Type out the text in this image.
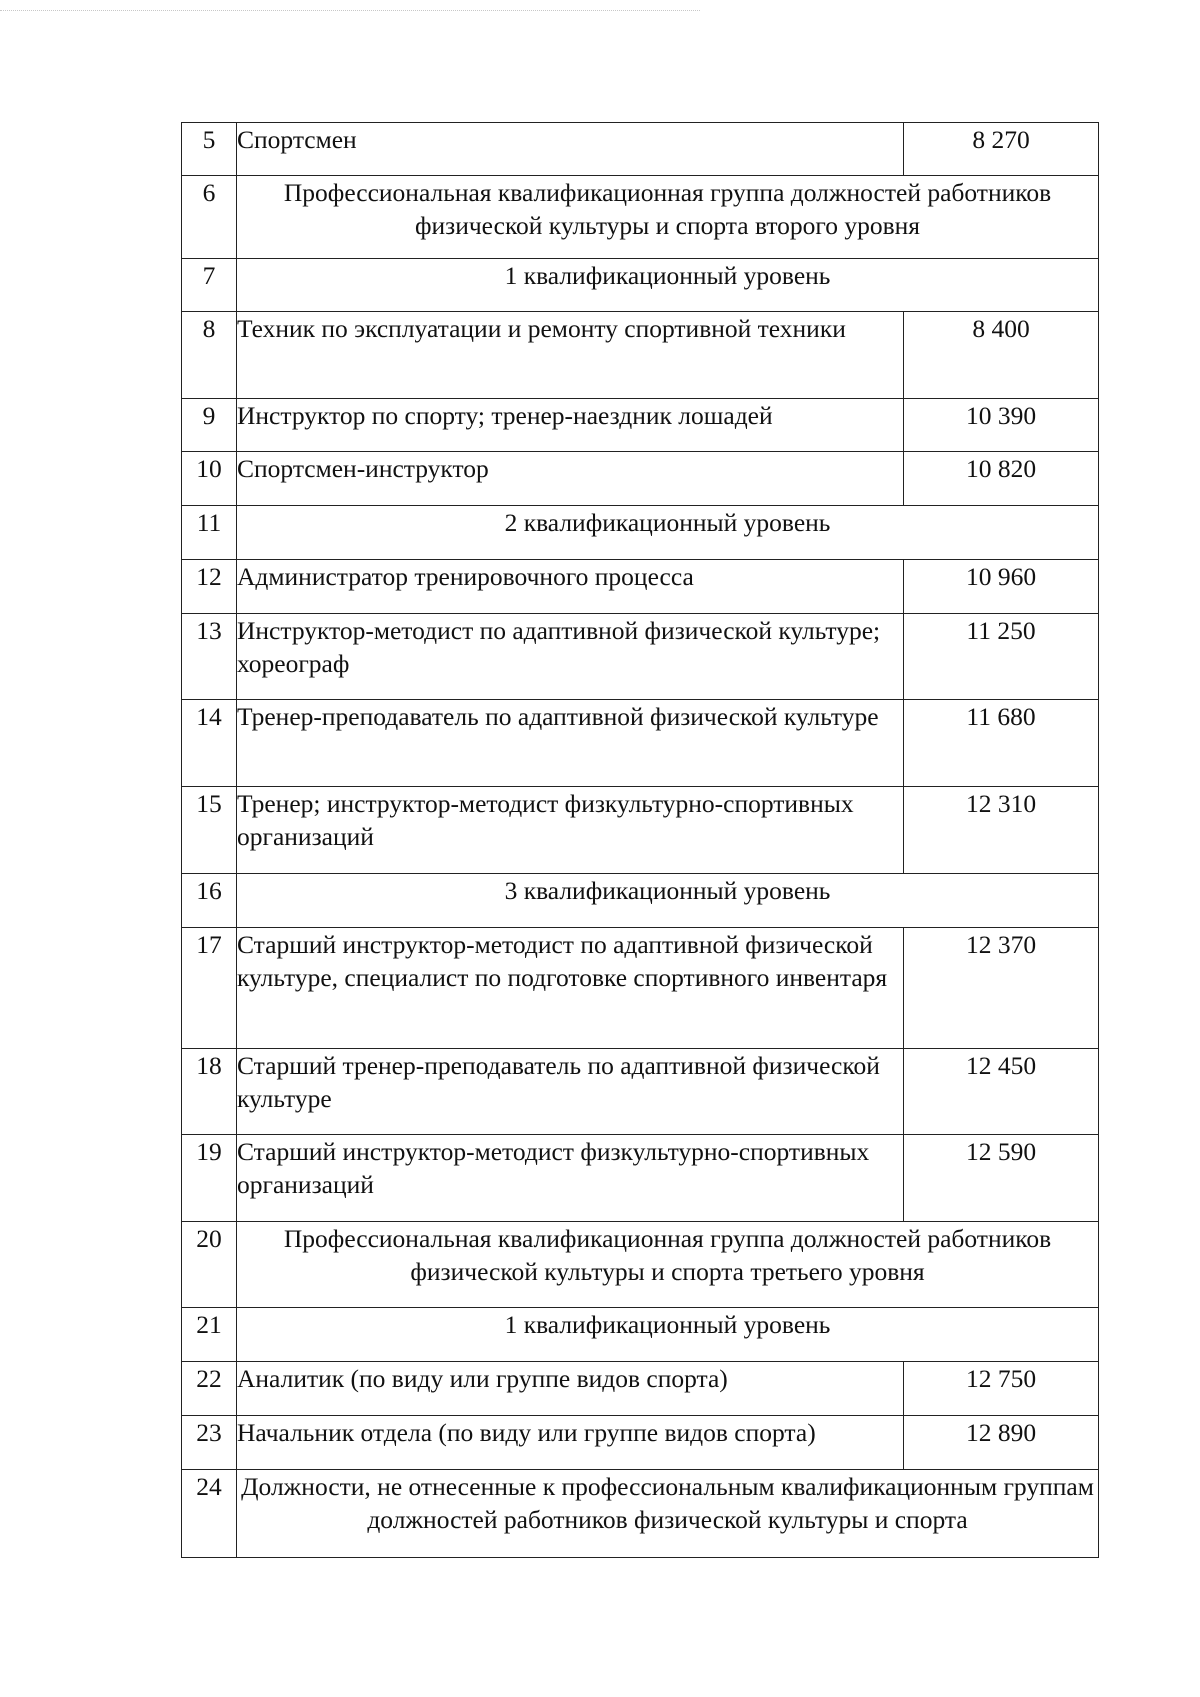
5	Спортсмен	8 270
6	Профессиональная квалификационная группа должностей работников физической культуры и спорта второго уровня	
7	1 квалификационный уровень	
8	Техник по эксплуатации и ремонту спортивной техники	8 400
9	Инструктор по спорту; тренер-наездник лошадей	10 390
10	Спортсмен-инструктор	10 820
11	2 квалификационный уровень	
12	Администратор тренировочного процесса	10 960
13	Инструктор-методист по адаптивной физической культуре; хореограф	11 250
14	Тренер-преподаватель по адаптивной физической культуре	11 680
15	Тренер; инструктор-методист физкультурно-спортивных организаций	12 310
16	3 квалификационный уровень	
17	Старший инструктор-методист по адаптивной физической культуре, специалист по подготовке спортивного инвентаря	12 370
18	Старший тренер-преподаватель по адаптивной физической культуре	12 450
19	Старший инструктор-методист физкультурно-спортивных организаций	12 590
20	Профессиональная квалификационная группа должностей работников физической культуры и спорта третьего уровня	
21	1 квалификационный уровень	
22	Аналитик (по виду или группе видов спорта)	12 750
23	Начальник отдела (по виду или группе видов спорта)	12 890
24	Должности, не отнесенные к профессиональным квалификационным группам должностей работников физической культуры и спорта	
